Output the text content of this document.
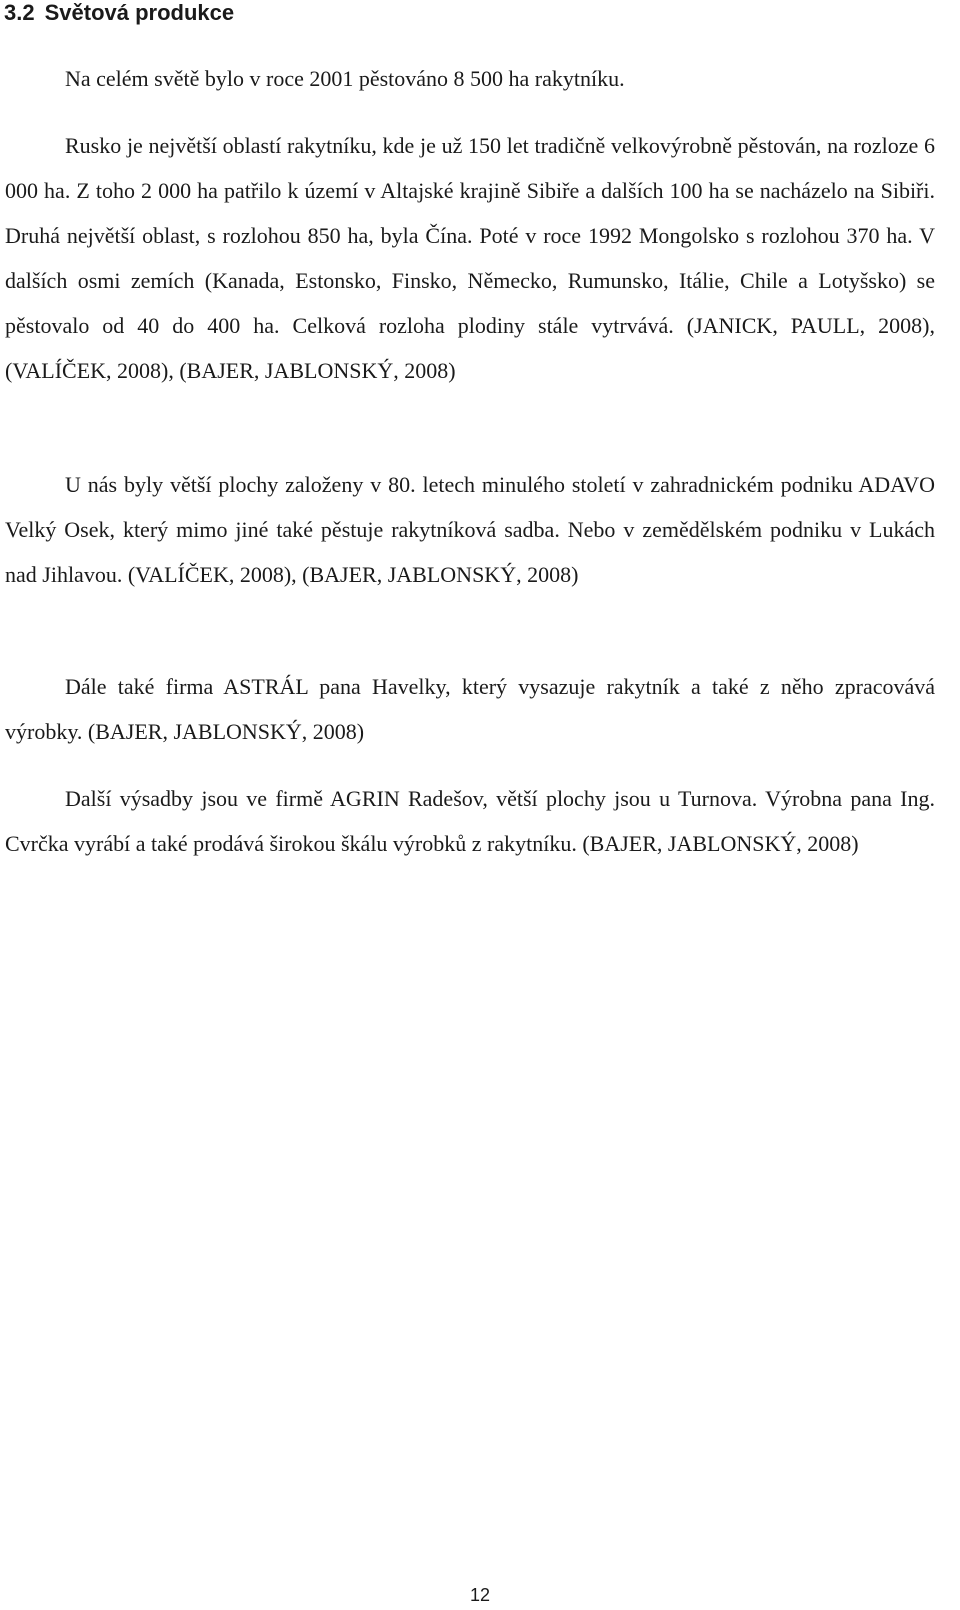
3.2 Světová produkce

Na celém světě bylo v roce 2001 pěstováno 8 500 ha rakytníku.

Rusko je největší oblastí rakytníku, kde je už 150 let tradičně velkovýrobně pěstován, na rozloze 6 000 ha. Z toho 2 000 ha patřilo k území v Altajské krajině Sibiře a dalších 100 ha se nacházelo na Sibiři. Druhá největší oblast, s rozlohou 850 ha, byla Čína. Poté v roce 1992 Mongolsko s rozlohou 370 ha. V dalších osmi zemích (Kanada, Estonsko, Finsko, Německo, Rumunsko, Itálie, Chile a Lotyšsko) se pěstovalo od 40 do 400 ha. Celková rozloha plodiny stále vytrvává. (JANICK, PAULL, 2008), (VALÍČEK, 2008), (BAJER, JABLONSKÝ, 2008)

U nás byly větší plochy založeny v 80. letech minulého století v zahradnickém podniku ADAVO Velký Osek, který mimo jiné také pěstuje rakytníková sadba. Nebo v zemědělském podniku v Lukách nad Jihlavou. (VALÍČEK, 2008), (BAJER, JABLONSKÝ, 2008)

Dále také firma ASTRÁL pana Havelky, který vysazuje rakytník a také z něho zpracovává výrobky. (BAJER, JABLONSKÝ, 2008)

Další výsadby jsou ve firmě AGRIN Radešov, větší plochy jsou u Turnova. Výrobna pana Ing. Cvrčka vyrábí a také prodává širokou škálu výrobků z rakytníku. (BAJER, JABLONSKÝ, 2008)

12
